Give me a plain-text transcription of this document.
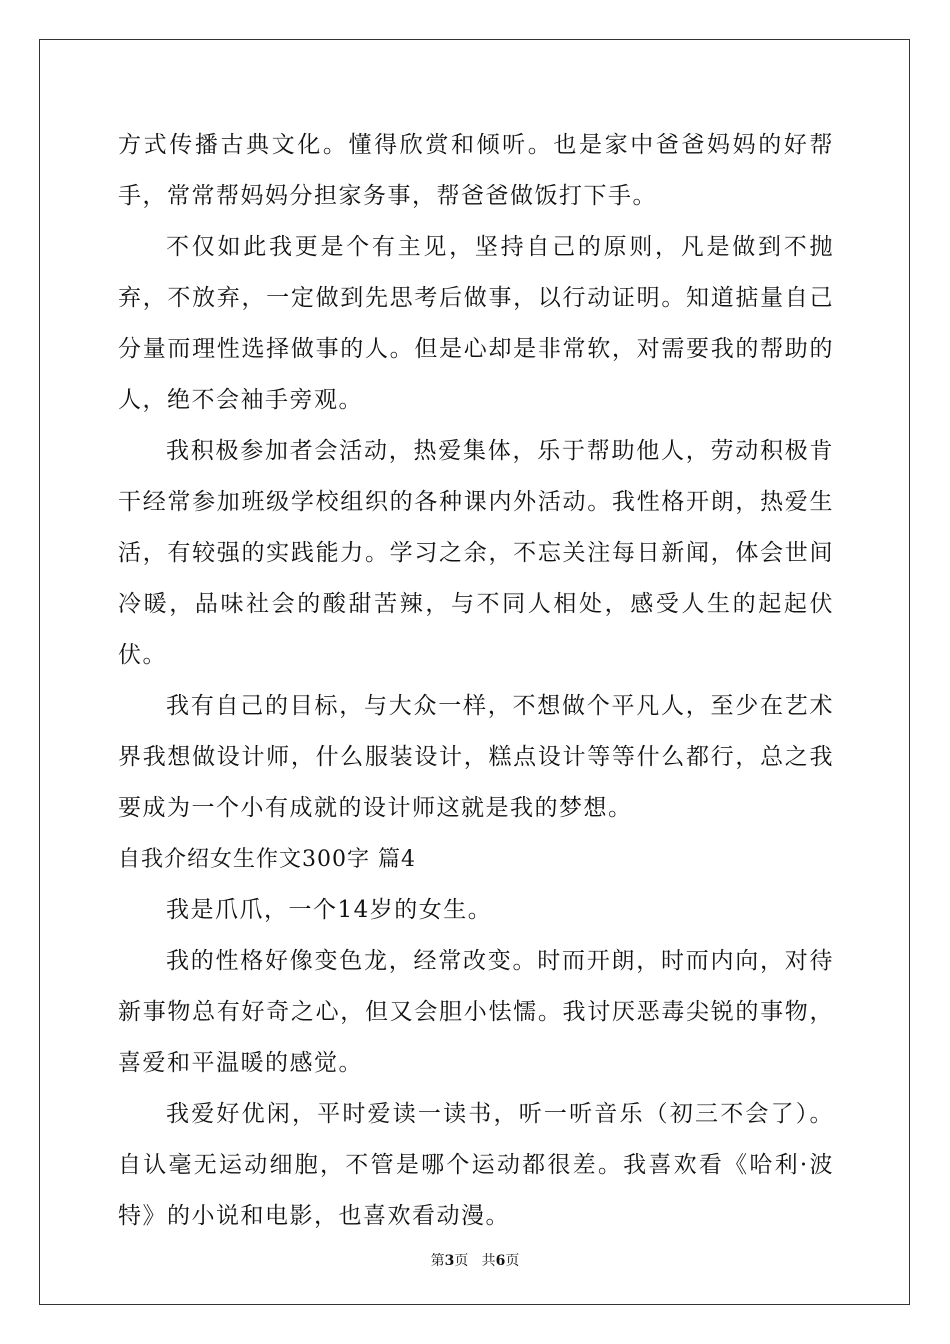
方式传播古典文化。懂得欣赏和倾听。也是家中爸爸妈妈的好帮手，常常帮妈妈分担家务事，帮爸爸做饭打下手。

不仅如此我更是个有主见，坚持自己的原则，凡是做到不抛弃，不放弃，一定做到先思考后做事，以行动证明。知道掂量自己分量而理性选择做事的人。但是心却是非常软，对需要我的帮助的人，绝不会袖手旁观。

我积极参加者会活动，热爱集体，乐于帮助他人，劳动积极肯干经常参加班级学校组织的各种课内外活动。我性格开朗，热爱生活，有较强的实践能力。学习之余，不忘关注每日新闻，体会世间冷暖，品味社会的酸甜苦辣，与不同人相处，感受人生的起起伏伏。

我有自己的目标，与大众一样，不想做个平凡人，至少在艺术界我想做设计师，什么服装设计，糕点设计等等什么都行，总之我要成为一个小有成就的设计师这就是我的梦想。

自我介绍女生作文300字 篇4

我是爪爪，一个14岁的女生。

我的性格好像变色龙，经常改变。时而开朗，时而内向，对待新事物总有好奇之心，但又会胆小怯懦。我讨厌恶毒尖锐的事物，喜爱和平温暖的感觉。

我爱好优闲，平时爱读一读书，听一听音乐（初三不会了）。自认毫无运动细胞，不管是哪个运动都很差。我喜欢看《哈利·波特》的小说和电影，也喜欢看动漫。

第3页 共6页
